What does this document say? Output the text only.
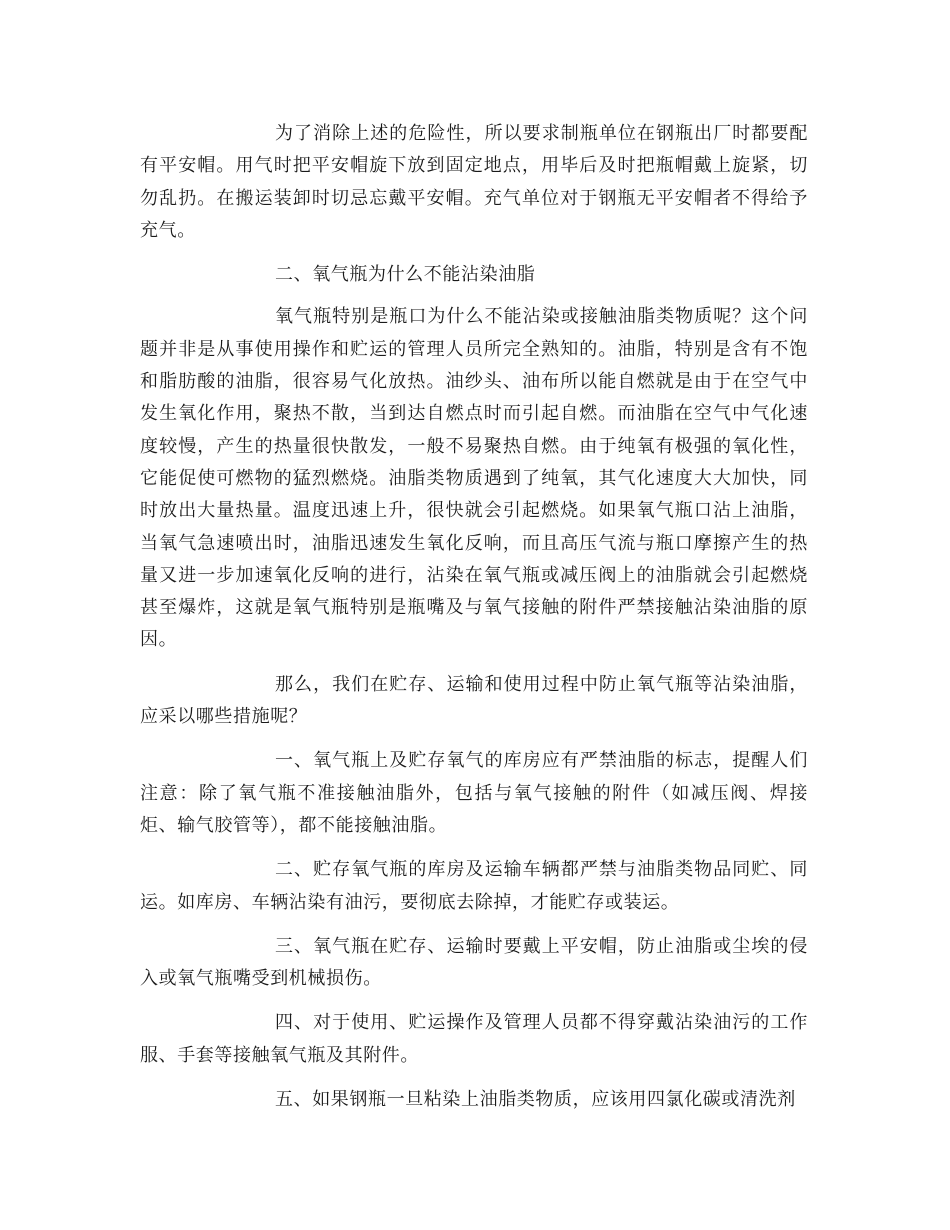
为了消除上述的危险性，所以要求制瓶单位在钢瓶出厂时都要配有平安帽。用气时把平安帽旋下放到固定地点，用毕后及时把瓶帽戴上旋紧，切勿乱扔。在搬运装卸时切忌忘戴平安帽。充气单位对于钢瓶无平安帽者不得给予充气。

二、氧气瓶为什么不能沾染油脂

氧气瓶特别是瓶口为什么不能沾染或接触油脂类物质呢？这个问题并非是从事使用操作和贮运的管理人员所完全熟知的。油脂，特别是含有不饱和脂肪酸的油脂，很容易气化放热。油纱头、油布所以能自燃就是由于在空气中发生氧化作用，聚热不散，当到达自燃点时而引起自燃。而油脂在空气中气化速度较慢，产生的热量很快散发，一般不易聚热自燃。由于纯氧有极强的氧化性，它能促使可燃物的猛烈燃烧。油脂类物质遇到了纯氧，其气化速度大大加快，同时放出大量热量。温度迅速上升，很快就会引起燃烧。如果氧气瓶口沾上油脂，当氧气急速喷出时，油脂迅速发生氧化反响，而且高压气流与瓶口摩擦产生的热量又进一步加速氧化反响的进行，沾染在氧气瓶或减压阀上的油脂就会引起燃烧甚至爆炸，这就是氧气瓶特别是瓶嘴及与氧气接触的附件严禁接触沾染油脂的原因。

那么，我们在贮存、运输和使用过程中防止氧气瓶等沾染油脂，应采以哪些措施呢？

一、氧气瓶上及贮存氧气的库房应有严禁油脂的标志，提醒人们注意：除了氧气瓶不准接触油脂外，包括与氧气接触的附件（如减压阀、焊接炬、输气胶管等），都不能接触油脂。

二、贮存氧气瓶的库房及运输车辆都严禁与油脂类物品同贮、同运。如库房、车辆沾染有油污，要彻底去除掉，才能贮存或装运。

三、氧气瓶在贮存、运输时要戴上平安帽，防止油脂或尘埃的侵入或氧气瓶嘴受到机械损伤。

四、对于使用、贮运操作及管理人员都不得穿戴沾染油污的工作服、手套等接触氧气瓶及其附件。

五、如果钢瓶一旦粘染上油脂类物质，应该用四氯化碳或清洗剂
